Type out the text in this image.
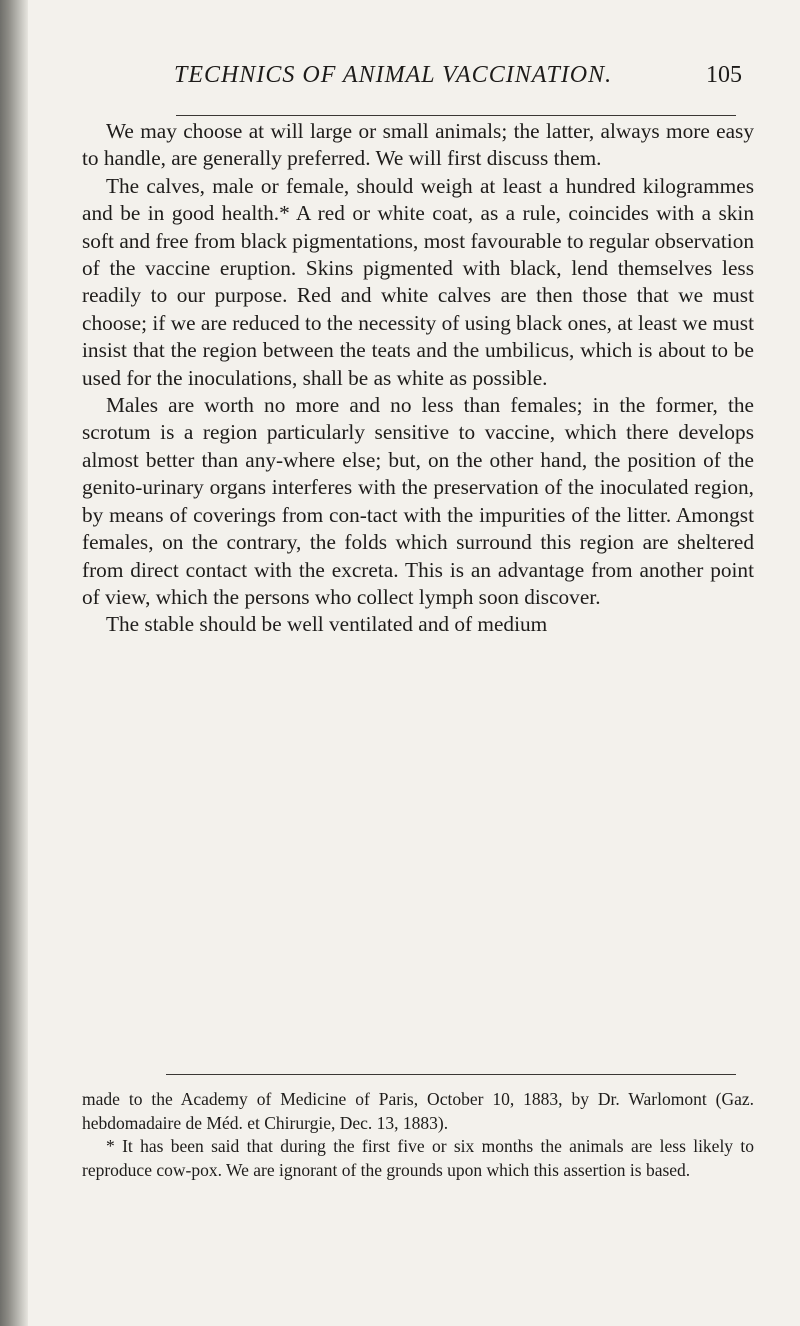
TECHNICS OF ANIMAL VACCINATION.	105

We may choose at will large or small animals; the latter, always more easy to handle, are generally preferred. We will first discuss them.

The calves, male or female, should weigh at least a hundred kilogrammes and be in good health.* A red or white coat, as a rule, coincides with a skin soft and free from black pigmentations, most favourable to regular observation of the vaccine eruption. Skins pigmented with black, lend themselves less readily to our purpose. Red and white calves are then those that we must choose; if we are reduced to the necessity of using black ones, at least we must insist that the region between the teats and the umbilicus, which is about to be used for the inoculations, shall be as white as possible.

Males are worth no more and no less than females; in the former, the scrotum is a region particularly sensitive to vaccine, which there develops almost better than any-where else; but, on the other hand, the position of the genito-urinary organs interferes with the preservation of the inoculated region, by means of coverings from con-tact with the impurities of the litter. Amongst females, on the contrary, the folds which surround this region are sheltered from direct contact with the excreta. This is an advantage from another point of view, which the persons who collect lymph soon discover.

The stable should be well ventilated and of medium

made to the Academy of Medicine of Paris, October 10, 1883, by Dr. Warlomont (Gaz. hebdomadaire de Méd. et Chirurgie, Dec. 13, 1883).

* It has been said that during the first five or six months the animals are less likely to reproduce cow-pox. We are ignorant of the grounds upon which this assertion is based.
